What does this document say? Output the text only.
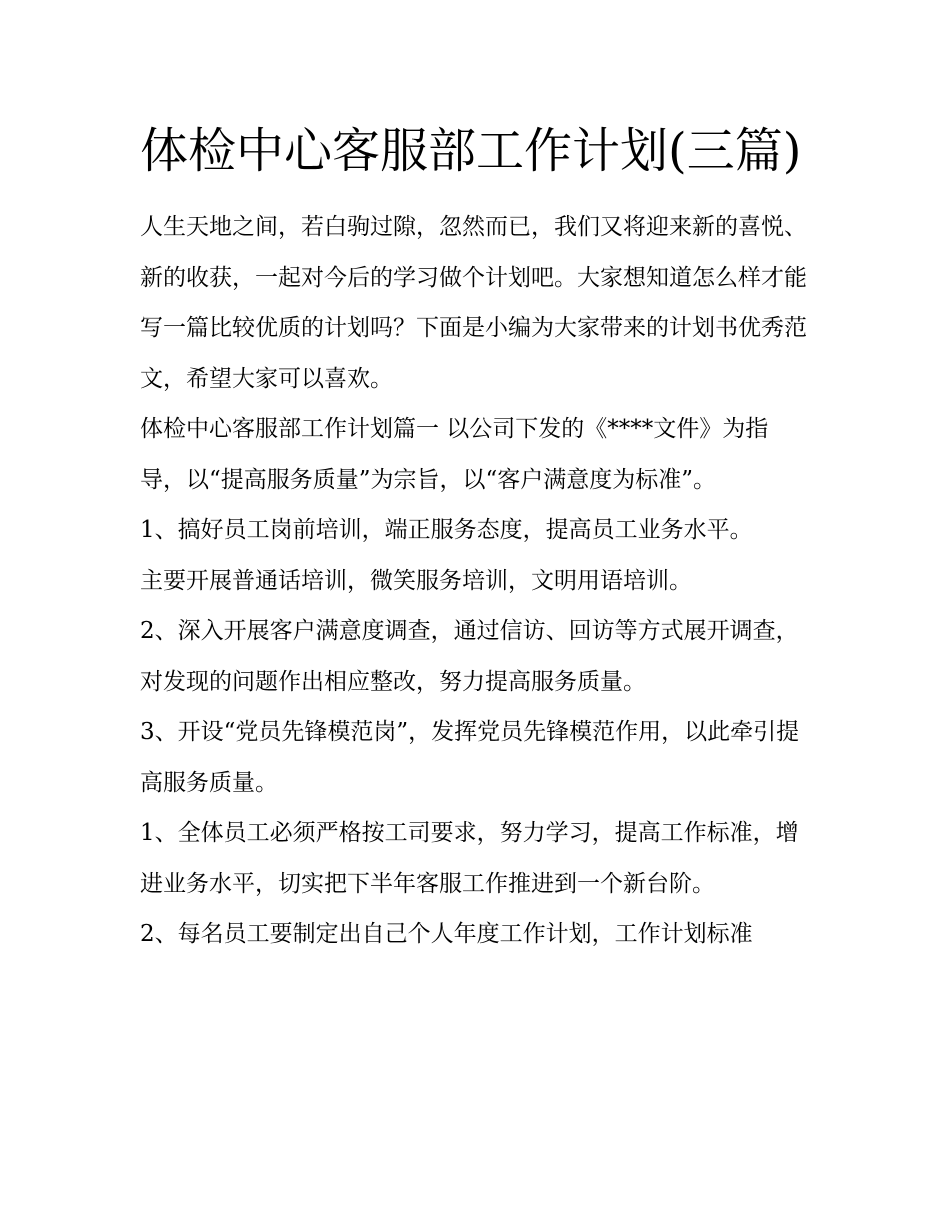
体检中心客服部工作计划(三篇)

人生天地之间，若白驹过隙，忽然而已，我们又将迎来新的喜悦、新的收获，一起对今后的学习做个计划吧。大家想知道怎么样才能写一篇比较优质的计划吗？下面是小编为大家带来的计划书优秀范文，希望大家可以喜欢。

体检中心客服部工作计划篇一 以公司下发的《****文件》为指导，以“提高服务质量”为宗旨，以“客户满意度为标准”。

1、搞好员工岗前培训，端正服务态度，提高员工业务水平。

主要开展普通话培训，微笑服务培训，文明用语培训。

2、深入开展客户满意度调查，通过信访、回访等方式展开调查，对发现的问题作出相应整改，努力提高服务质量。

3、开设“党员先锋模范岗”，发挥党员先锋模范作用，以此牵引提高服务质量。

1、全体员工必须严格按工司要求，努力学习，提高工作标准，增进业务水平，切实把下半年客服工作推进到一个新台阶。

2、每名员工要制定出自己个人年度工作计划，工作计划标准
